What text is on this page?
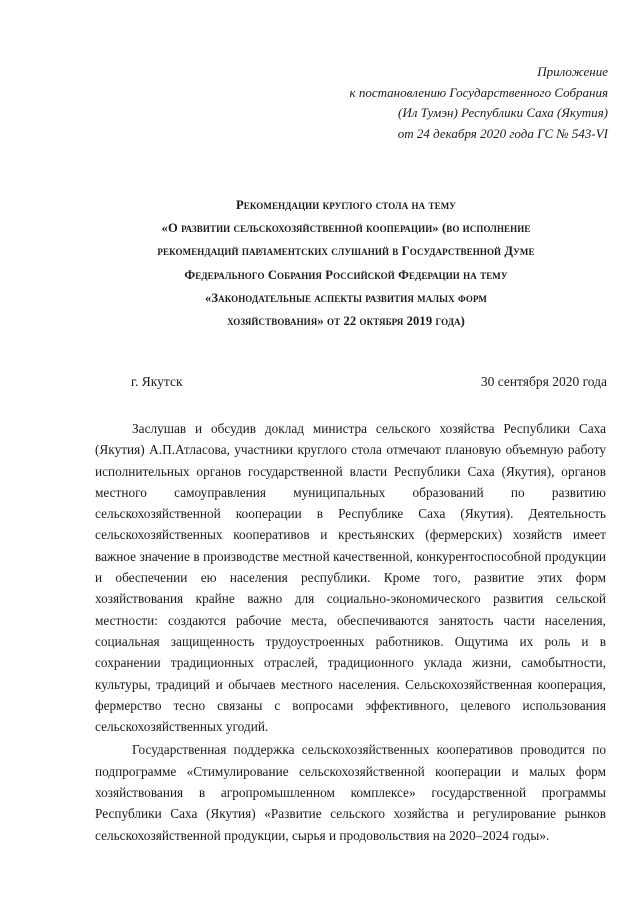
Приложение
к постановлению Государственного Собрания
(Ил Тумэн) Республики Саха (Якутия)
от 24 декабря 2020 года ГС № 543-VI
Рекомендации круглого стола на тему
«О развитии сельскохозяйственной кооперации» (во исполнение
рекомендаций парламентских слушаний в Государственной Думе
Федерального Собрания Российской Федерации на тему
«Законодательные аспекты развития малых форм
хозяйствования» от 22 октября 2019 года)
г. Якутск	30 сентября 2020 года

Заслушав и обсудив доклад министра сельского хозяйства Республики Саха (Якутия) А.П.Атласова, участники круглого стола отмечают плановую объемную работу исполнительных органов государственной власти Республики Саха (Якутия), органов местного самоуправления муниципальных образований по развитию сельскохозяйственной кооперации в Республике Саха (Якутия). Деятельность сельскохозяйственных кооперативов и крестьянских (фермерских) хозяйств имеет важное значение в производстве местной качественной, конкурентоспособной продукции и обеспечении ею населения республики. Кроме того, развитие этих форм хозяйствования крайне важно для социально-экономического развития сельской местности: создаются рабочие места, обеспечиваются занятость части населения, социальная защищенность трудоустроенных работников. Ощутима их роль и в сохранении традиционных отраслей, традиционного уклада жизни, самобытности, культуры, традиций и обычаев местного населения. Сельскохозяйственная кооперация, фермерство тесно связаны с вопросами эффективного, целевого использования сельскохозяйственных угодий.

Государственная поддержка сельскохозяйственных кооперативов проводится по подпрограмме «Стимулирование сельскохозяйственной кооперации и малых форм хозяйствования в агропромышленном комплексе» государственной программы Республики Саха (Якутия) «Развитие сельского хозяйства и регулирование рынков сельскохозяйственной продукции, сырья и продовольствия на 2020–2024 годы».
